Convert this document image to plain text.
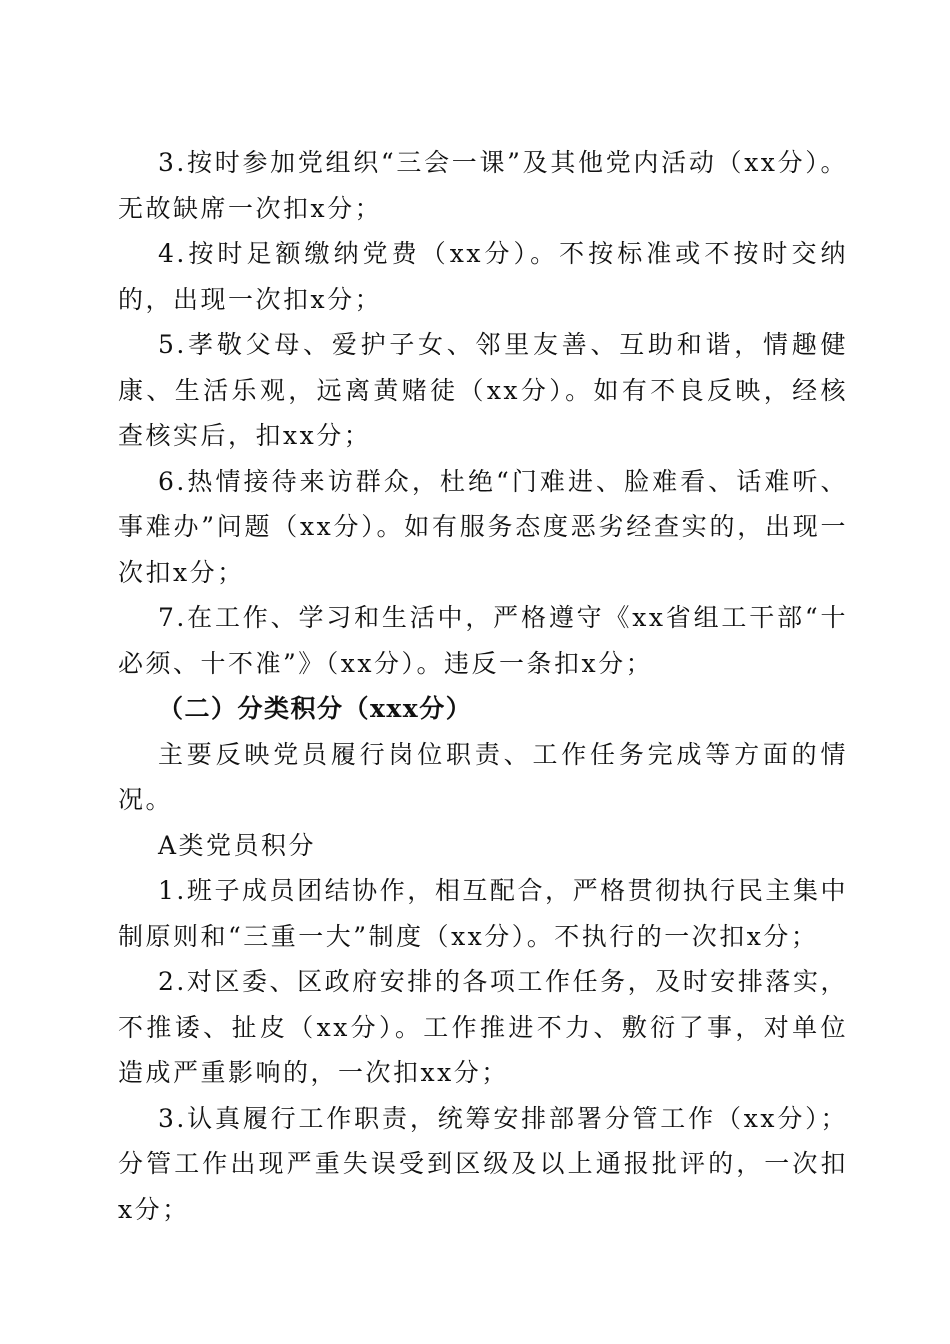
3.按时参加党组织“三会一课”及其他党内活动（xx分）。无故缺席一次扣x分；

4.按时足额缴纳党费（xx分）。不按标准或不按时交纳的，出现一次扣x分；

5.孝敬父母、爱护子女、邻里友善、互助和谐，情趣健康、生活乐观，远离黄赌徒（xx分）。如有不良反映，经核查核实后，扣xx分；

6.热情接待来访群众，杜绝“门难进、脸难看、话难听、事难办”问题（xx分）。如有服务态度恶劣经查实的，出现一次扣x分；

7.在工作、学习和生活中，严格遵守《xx省组工干部“十必须、十不准”》（xx分）。违反一条扣x分；

（二）分类积分（xxx分）

主要反映党员履行岗位职责、工作任务完成等方面的情况。

A类党员积分

1.班子成员团结协作，相互配合，严格贯彻执行民主集中制原则和“三重一大”制度（xx分）。不执行的一次扣x分；

2.对区委、区政府安排的各项工作任务，及时安排落实，不推诿、扯皮（xx分）。工作推进不力、敷衍了事，对单位造成严重影响的，一次扣xx分；

3.认真履行工作职责，统筹安排部署分管工作（xx分）；分管工作出现严重失误受到区级及以上通报批评的，一次扣x分；
